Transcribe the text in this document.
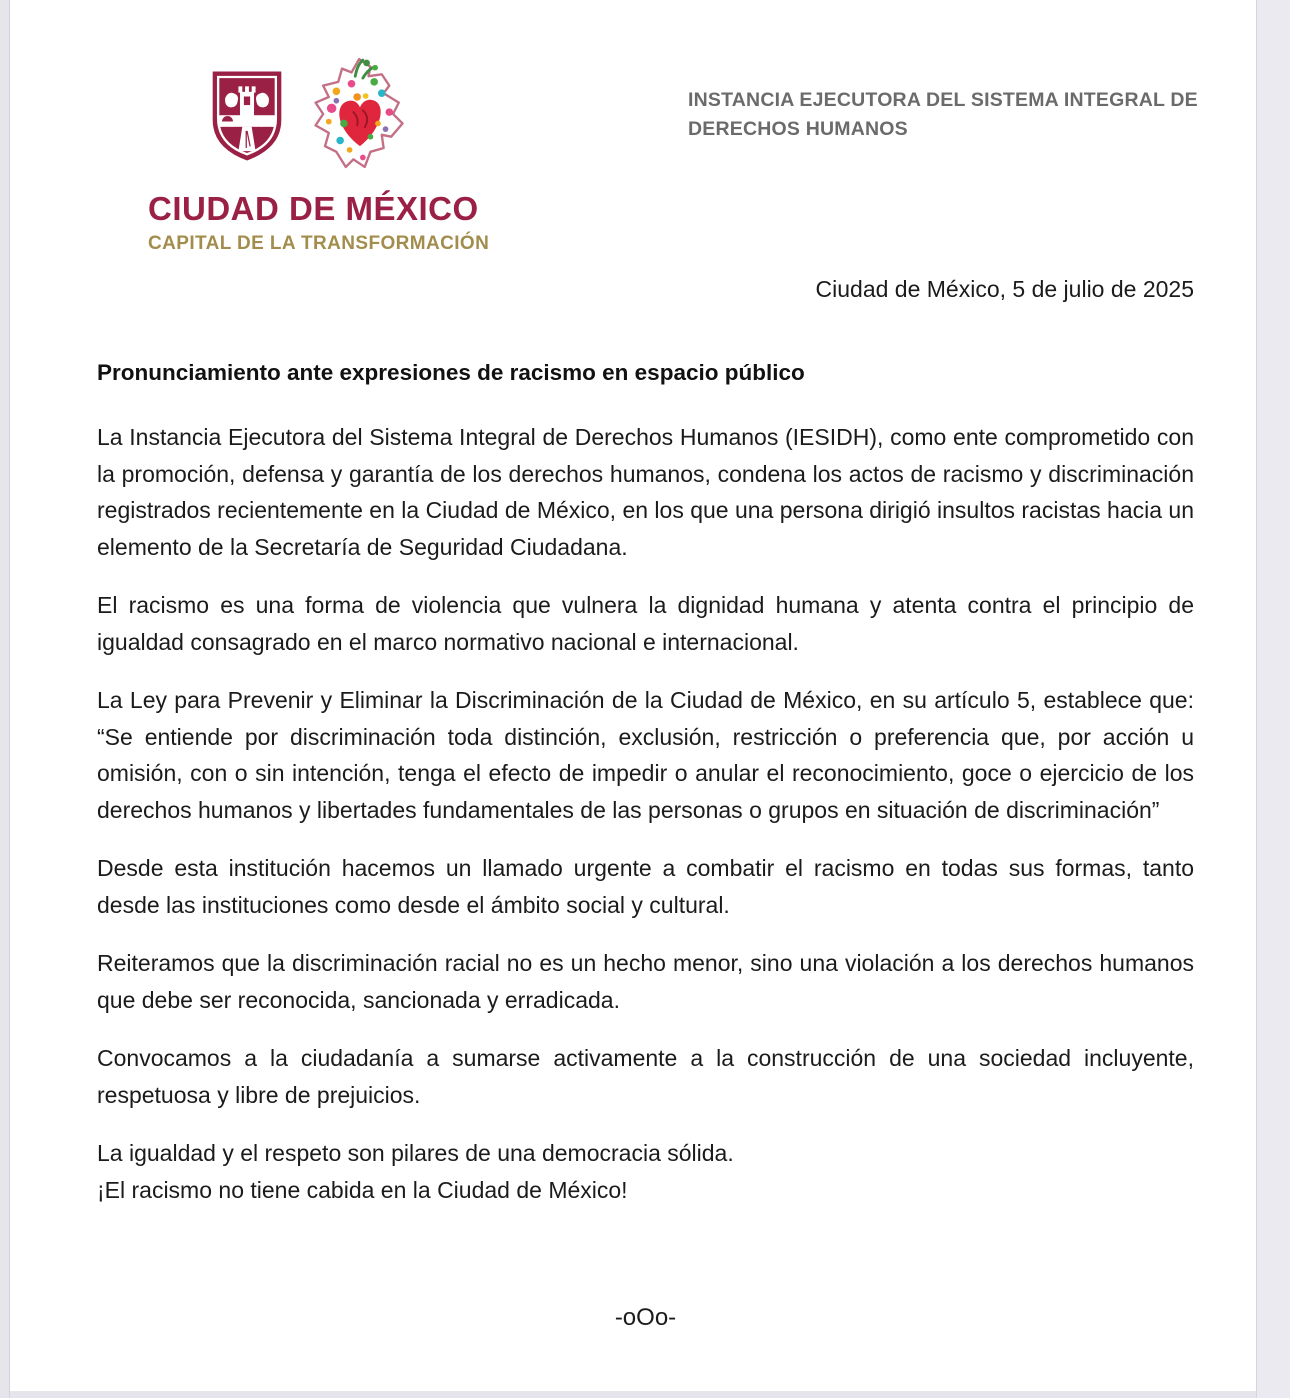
CIUDAD DE MÉXICO
CAPITAL DE LA TRANSFORMACIÓN
INSTANCIA EJECUTORA DEL SISTEMA INTEGRAL DE
DERECHOS HUMANOS
Ciudad de México, 5 de julio de 2025
Pronunciamiento ante expresiones de racismo en espacio público

La Instancia Ejecutora del Sistema Integral de Derechos Humanos (IESIDH), como ente comprometido con la promoción, defensa y garantía de los derechos humanos, condena los actos de racismo y discriminación registrados recientemente en la Ciudad de México, en los que una persona dirigió insultos racistas hacia un elemento de la Secretaría de Seguridad Ciudadana.

El racismo es una forma de violencia que vulnera la dignidad humana y atenta contra el principio de igualdad consagrado en el marco normativo nacional e internacional.

La Ley para Prevenir y Eliminar la Discriminación de la Ciudad de México, en su artículo 5, establece que: “Se entiende por discriminación toda distinción, exclusión, restricción o preferencia que, por acción u omisión, con o sin intención, tenga el efecto de impedir o anular el reconocimiento, goce o ejercicio de los derechos humanos y libertades fundamentales de las personas o grupos en situación de discriminación”

Desde esta institución hacemos un llamado urgente a combatir el racismo en todas sus formas, tanto desde las instituciones como desde el ámbito social y cultural.

Reiteramos que la discriminación racial no es un hecho menor, sino una violación a los derechos humanos que debe ser reconocida, sancionada y erradicada.

Convocamos a la ciudadanía a sumarse activamente a la construcción de una sociedad incluyente, respetuosa y libre de prejuicios.

La igualdad y el respeto son pilares de una democracia sólida.
¡El racismo no tiene cabida en la Ciudad de México!
-oOo-
